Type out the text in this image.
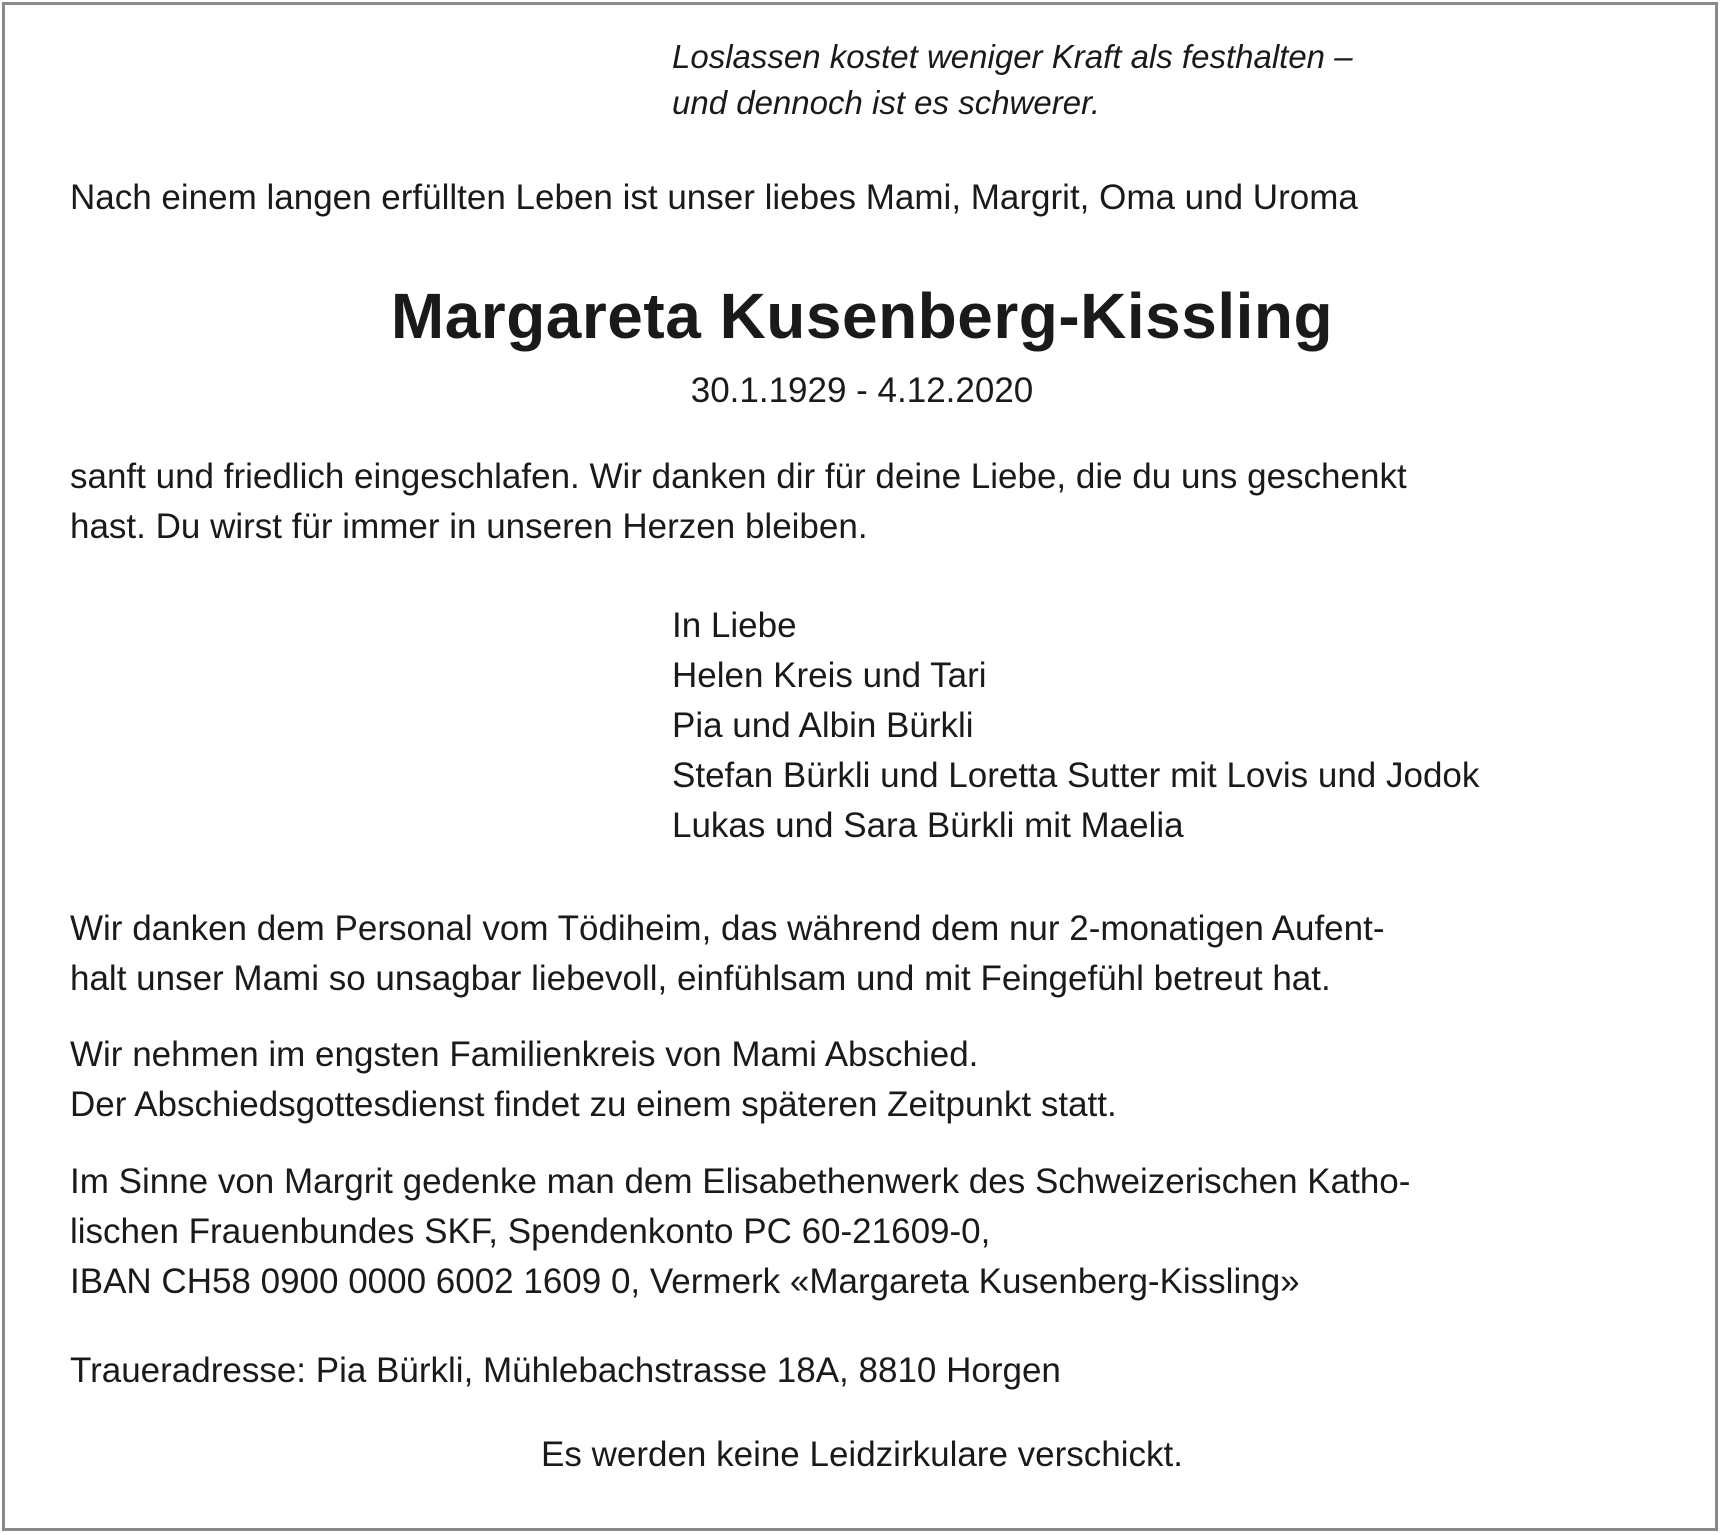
Loslassen kostet weniger Kraft als festhalten –
und dennoch ist es schwerer.
Nach einem langen erfüllten Leben ist unser liebes Mami, Margrit, Oma und Uroma
Margareta Kusenberg-Kissling
30.1.1929 - 4.12.2020
sanft und friedlich eingeschlafen. Wir danken dir für deine Liebe, die du uns geschenkt
hast. Du wirst für immer in unseren Herzen bleiben.
In Liebe
Helen Kreis und Tari
Pia und Albin Bürkli
Stefan Bürkli und Loretta Sutter mit Lovis und Jodok
Lukas und Sara Bürkli mit Maelia
Wir danken dem Personal vom Tödiheim, das während dem nur 2-monatigen Aufent-
halt unser Mami so unsagbar liebevoll, einfühlsam und mit Feingefühl betreut hat.
Wir nehmen im engsten Familienkreis von Mami Abschied.
Der Abschiedsgottesdienst findet zu einem späteren Zeitpunkt statt.
Im Sinne von Margrit gedenke man dem Elisabethenwerk des Schweizerischen Katho-
lischen Frauenbundes SKF, Spendenkonto PC 60-21609-0,
IBAN CH58 0900 0000 6002 1609 0, Vermerk «Margareta Kusenberg-Kissling»
Traueradresse: Pia Bürkli, Mühlebachstrasse 18A, 8810 Horgen
Es werden keine Leidzirkulare verschickt.
